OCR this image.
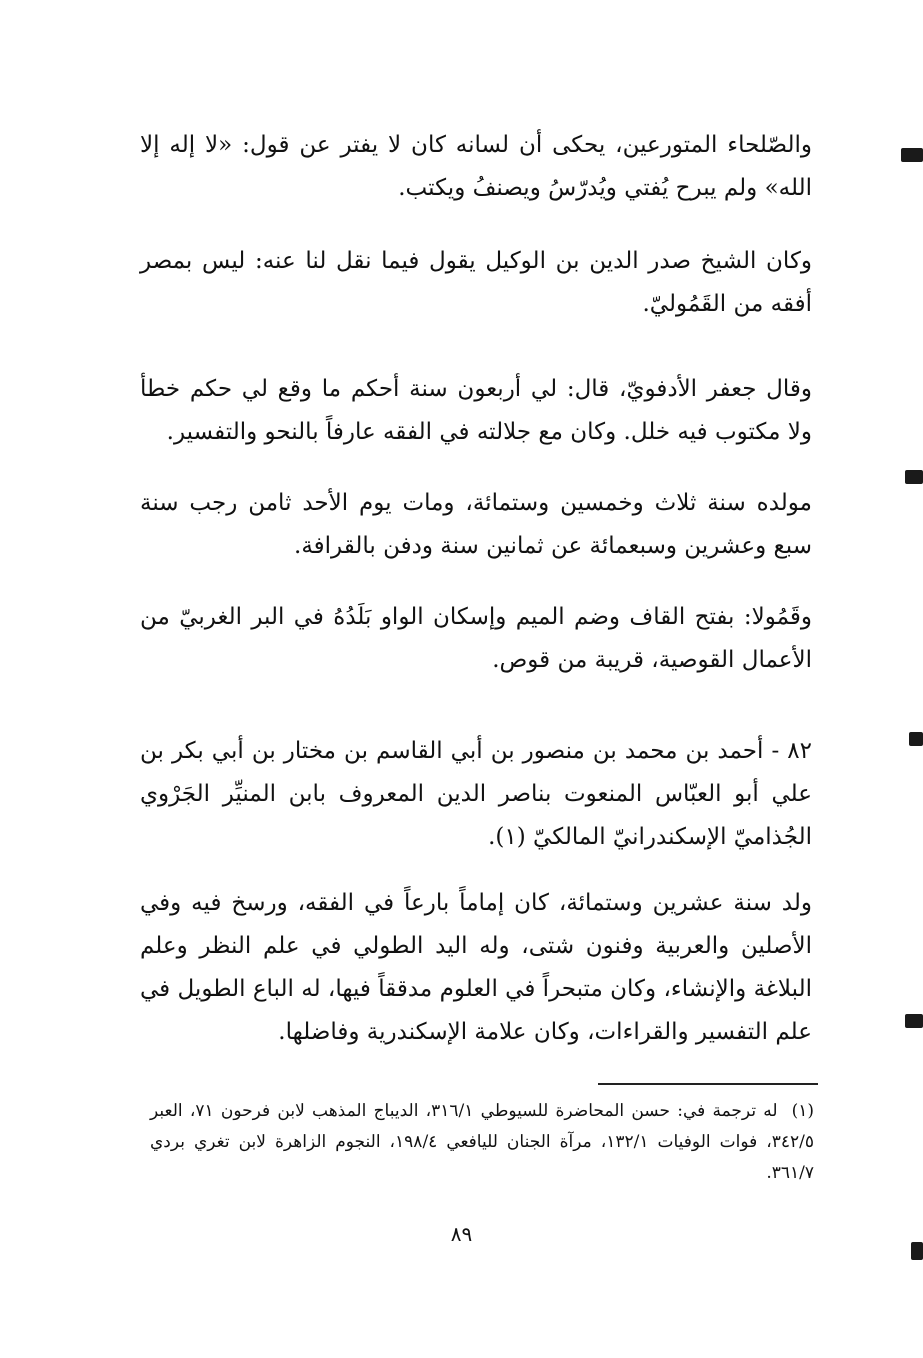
والصّلحاء المتورعين، يحكى أن لسانه كان لا يفتر عن قول: «لا إله إلا الله» ولم يبرح يُفتي ويُدرّسُ ويصنفُ ويكتب.

وكان الشيخ صدر الدين بن الوكيل يقول فيما نقل لنا عنه: ليس بمصر أفقه من القَمُوليّ.

وقال جعفر الأدفويّ، قال: لي أربعون سنة أحكم ما وقع لي حكم خطأ ولا مكتوب فيه خلل. وكان مع جلالته في الفقه عارفاً بالنحو والتفسير.

مولده سنة ثلاث وخمسين وستمائة، ومات يوم الأحد ثامن رجب سنة سبع وعشرين وسبعمائة عن ثمانين سنة ودفن بالقرافة.

وقَمُولا: بفتح القاف وضم الميم وإسكان الواو بَلَدُهُ في البر الغربيّ من الأعمال القوصية، قريبة من قوص.

٨٢ - أحمد بن محمد بن منصور بن أبي القاسم بن مختار بن أبي بكر بن علي أبو العبّاس المنعوت بناصر الدين المعروف بابن المنيِّر الجَرْوي الجُذاميّ الإسكندرانيّ المالكيّ (١).

ولد سنة عشرين وستمائة، كان إماماً بارعاً في الفقه، ورسخ فيه وفي الأصلين والعربية وفنون شتى، وله اليد الطولي في علم النظر وعلم البلاغة والإنشاء، وكان متبحراً في العلوم مدققاً فيها، له الباع الطويل في علم التفسير والقراءات، وكان علامة الإسكندرية وفاضلها.

(١)له ترجمة في: حسن المحاضرة للسيوطي ٣١٦/١، الديباج المذهب لابن فرحون ٧١، العبر ٣٤٢/٥، فوات الوفيات ١٣٢/١، مرآة الجنان لليافعي ١٩٨/٤، النجوم الزاهرة لابن تغري بردي ٣٦١/٧.

٨٩
